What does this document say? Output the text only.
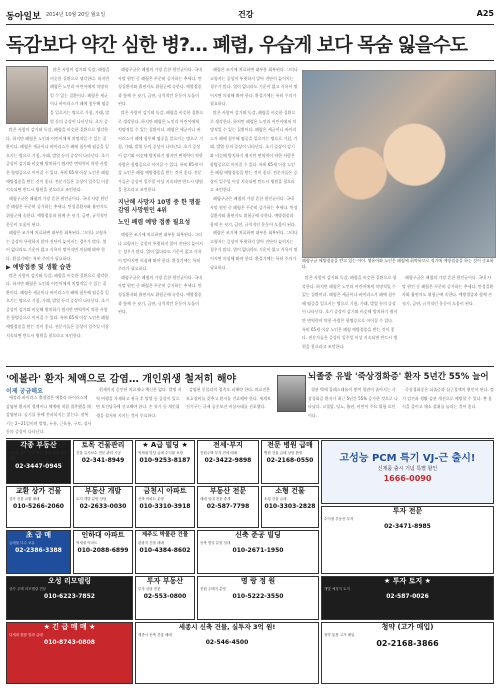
동아일보 2014년 10월 20일 월요일	건강	A25
독감보다 약간 심한 병?… 폐렴, 우습게 보다 목숨 잃을수도

많은 사람이 감기와 독감, 폐렴을 비슷한 질환으로 생각한다. 하지만 폐렴은 노인과 어린이에게 치명적일 수 있는 질환이다. 폐렴은 세균이나 바이러스가 폐에 침투해 염증을 일으키는 병으로 기침, 가래, 발열 등의 증상이 나타난다. 초기 증

많은 사람이 감기와 독감, 폐렴을 비슷한 질환으로 생각한다. 하지만 폐렴은 노인과 어린이에게 치명적일 수 있는 질환이다. 폐렴은 세균이나 바이러스가 폐에 침투해 염증을 일으키는 병으로 기침, 가래, 발열 등의 증상이 나타난다. 초기 증상이 감기와 비슷해 방치하기 쉽지만 면역력이 약한 사람은 합병증으로 이어질 수 있다. 특히 65세 이상 노인은 폐렴 예방접종을 받는 것이 좋다. 전문가들은 증상이 일주일 이상 지속되면 반드시 병원을 찾으라고 조언한다.

폐렴구균은 폐렴의 가장 흔한 원인균이다. 국내 사망 원인 중 폐렴은 꾸준히 증가하는 추세다. 만성질환자와 흡연자도 위험군에 속한다. 예방접종과 함께 손 씻기, 금연, 규칙적인 운동이 도움이 된다.

폐렴은 조기에 치료하면 대부분 회복된다. 그러나 고령자는 증상이 뚜렷하지 않아 진단이 늦어지는 경우가 많다. 열이 없더라도 기운이 없고 식욕이 떨어지면 의심해 봐야 한다. 환절기에는 특히 주의가 필요하다.

▶ 예방접종 및 생활 습관

많은 사람이 감기와 독감, 폐렴을 비슷한 질환으로 생각한다. 하지만 폐렴은 노인과 어린이에게 치명적일 수 있는 질환이다. 폐렴은 세균이나 바이러스가 폐에 침투해 염증을 일으키는 병으로 기침, 가래, 발열 등의 증상이 나타난다. 초기 증상이 감기와 비슷해 방치하기 쉽지만 면역력이 약한 사람은 합병증으로 이어질 수 있다. 특히 65세 이상 노인은 폐렴 예방접종을 받는 것이 좋다. 전문가들은 증상이 일주일 이상 지속되면 반드시 병원을 찾으라고 조언한다.

폐렴구균은 폐렴의 가장 흔한 원인균이다. 국내 사망 원인 중 폐렴은 꾸준히 증가하는 추세다. 만성질환자와 흡연자도 위험군에 속한다. 예방접종과 함께 손 씻기, 금연, 규칙적인 운동이 도움이 된다.

많은 사람이 감기와 독감, 폐렴을 비슷한 질환으로 생각한다. 하지만 폐렴은 노인과 어린이에게 치명적일 수 있는 질환이다. 폐렴은 세균이나 바이러스가 폐에 침투해 염증을 일으키는 병으로 기침, 가래, 발열 등의 증상이 나타난다. 초기 증상이 감기와 비슷해 방치하기 쉽지만 면역력이 약한 사람은 합병증으로 이어질 수 있다. 특히 65세 이상 노인은 폐렴 예방접종을 받는 것이 좋다. 전문가들은 증상이 일주일 이상 지속되면 반드시 병원을 찾으라고 조언한다.

지난해 사망자 10명 중 한 명꼴 감염 사망원인 4위
노인 폐렴 예방 접종 필요성

폐렴은 조기에 치료하면 대부분 회복된다. 그러나 고령자는 증상이 뚜렷하지 않아 진단이 늦어지는 경우가 많다. 열이 없더라도 기운이 없고 식욕이 떨어지면 의심해 봐야 한다. 환절기에는 특히 주의가 필요하다.

폐렴구균은 폐렴의 가장 흔한 원인균이다. 국내 사망 원인 중 폐렴은 꾸준히 증가하는 추세다. 만성질환자와 흡연자도 위험군에 속한다. 예방접종과 함께 손 씻기, 금연, 규칙적인 운동이 도움이 된다.

폐렴은 조기에 치료하면 대부분 회복된다. 그러나 고령자는 증상이 뚜렷하지 않아 진단이 늦어지는 경우가 많다. 열이 없더라도 기운이 없고 식욕이 떨어지면 의심해 봐야 한다. 환절기에는 특히 주의가 필요하다.

많은 사람이 감기와 독감, 폐렴을 비슷한 질환으로 생각한다. 하지만 폐렴은 노인과 어린이에게 치명적일 수 있는 질환이다. 폐렴은 세균이나 바이러스가 폐에 침투해 염증을 일으키는 병으로 기침, 가래, 발열 등의 증상이 나타난다. 초기 증상이 감기와 비슷해 방치하기 쉽지만 면역력이 약한 사람은 합병증으로 이어질 수 있다. 특히 65세 이상 노인은 폐렴 예방접종을 받는 것이 좋다. 전문가들은 증상이 일주일 이상 지속되면 반드시 병원을 찾으라고 조언한다.

폐렴구균은 폐렴의 가장 흔한 원인균이다. 국내 사망 원인 중 폐렴은 꾸준히 증가하는 추세다. 만성질환자와 흡연자도 위험군에 속한다. 예방접종과 함께 손 씻기, 금연, 규칙적인 운동이 도움이 된다.

폐렴은 조기에 치료하면 대부분 회복된다. 그러나 고령자는 증상이 뚜렷하지 않아 진단이 늦어지는 경우가 많다. 열이 없더라도 기운이 없고 식욕이 떨어지면 의심해 봐야 한다. 환절기에는 특히 주의가 필요하다.

폐렴구균 예방접종을 받고 있는 아이. 영유아와 노인은 폐렴에 취약하므로 적기에 예방접종을 하는 것이 중요하다.

많은 사람이 감기와 독감, 폐렴을 비슷한 질환으로 생각한다. 하지만 폐렴은 노인과 어린이에게 치명적일 수 있는 질환이다. 폐렴은 세균이나 바이러스가 폐에 침투해 염증을 일으키는 병으로 기침, 가래, 발열 등의 증상이 나타난다. 초기 증상이 감기와 비슷해 방치하기 쉽지만 면역력이 약한 사람은 합병증으로 이어질 수 있다. 특히 65세 이상 노인은 폐렴 예방접종을 받는 것이 좋다. 전문가들은 증상이 일주일 이상 지속되면 반드시 병원을 찾으라고 조언한다.

폐렴구균은 폐렴의 가장 흔한 원인균이다. 국내 사망 원인 중 폐렴은 꾸준히 증가하는 추세다. 만성질환자와 흡연자도 위험군에 속한다. 예방접종과 함께 손 씻기, 금연, 규칙적인 운동이 도움이 된다.

'에볼라' 환자 체액으로 감염… 개인위생 철저히 해야
이제 궁금해요

에볼라 바이러스 출혈열은 에볼라 바이러스에 감염된 환자의 혈액이나 체액에 직접 접촉했을 때 감염된다. 공기를 통해 전파되지는 않는다. 잠복기는 2∼21일이며 발열, 두통, 근육통, 구토, 설사 등의 증상이 나타난다.

현재까지 승인된 치료제나 백신은 없다. 발병 지역 여행을 자제하고 귀국 후 발열 등 증상이 있으면 보건당국에 신고해야 한다. 손 씻기 등 개인위생을 철저히 지키는 것이 중요하다.

감염된 동물과의 접촉도 피해야 한다. 의료진은 보호장비를 갖추고 환자를 진료해야 한다. 세계보건기구는 국제 공중보건 비상사태를 선포했다.

뇌졸중 유발 '죽상경화증' 환자 5년간 55% 늘어

혈관 벽에 콜레스테롤이 쌓여 혈관이 좁아지는 죽상경화증 환자가 최근 5년간 55% 증가한 것으로 나타났다. 고혈압, 당뇨, 흡연, 비만이 주요 위험 요인이다.

죽상경화증은 뇌졸중과 심근경색의 원인이 된다. 정기 검진과 생활 습관 개선으로 예방할 수 있다. 짠 음식을 줄이고 채소 섭취를 늘리는 것이 좋다.

각종 부동산
아파트 상가 빌딩 토지 매매 임대 전문 상담
02-3447-0945
토목 건물관리
건물 유지보수 전문 관리 시공
02-341-8949
★ A급 빌딩 ★
역세권 빌딩 급매 수익률 보장
010-9253-8187
전세·부지
전원주택 부지 전세 매매
02-3422-9898
전문 병원 급매
병원 건물 급매 상담 환영
02-2168-0550	고성능 PCM 특기 VJ-근 출시!
신제품 출시 기념 특별 할인
1666-0090
교환 상가 건물
상가 건물 교환 매매
010-5266-2060
부동산 개발
토지 개발 분양 상담
02-2633-0030
금천시 아파트
신축 아파트 분양
010-3310-3918
부동산 전문
매매 임대 전문 중개
02-587-7798
소형 건물
소형 건물 급매
010-3303-2828
초 급 매
급매물 다수 보유
02-2386-3388
인하대 아파트
역세권 아파트
010-2088-6899
제주도 박물관 건물
관광지 건물 매매
010-4384-8602
신축 준공 빌딩
신축 빌딩 분양 임대
010-2671-1950
투자 전문
수익형 부동산 투자
02-3471-8985
오성 리모델링
상가 주택 리모델링 전문
010-6223-7852
투자 부동산
투자 상담 전문
02-553-0800
명 랑 정 원
전원 주택지 분양
010-5222-3550
★ 투자 토지 ★
개발 예정지 토지
02-587-0026
★ 긴 급 매 매 ★
다세대 원룸 빌라 급매
010-8743-0808
세종시 신축 건물, 실투자 3억 원!
세종시 신축 건물 매매
02-546-4500
청약 (고가 매입)
청약 통장 고가 매입
02-2168-3866
